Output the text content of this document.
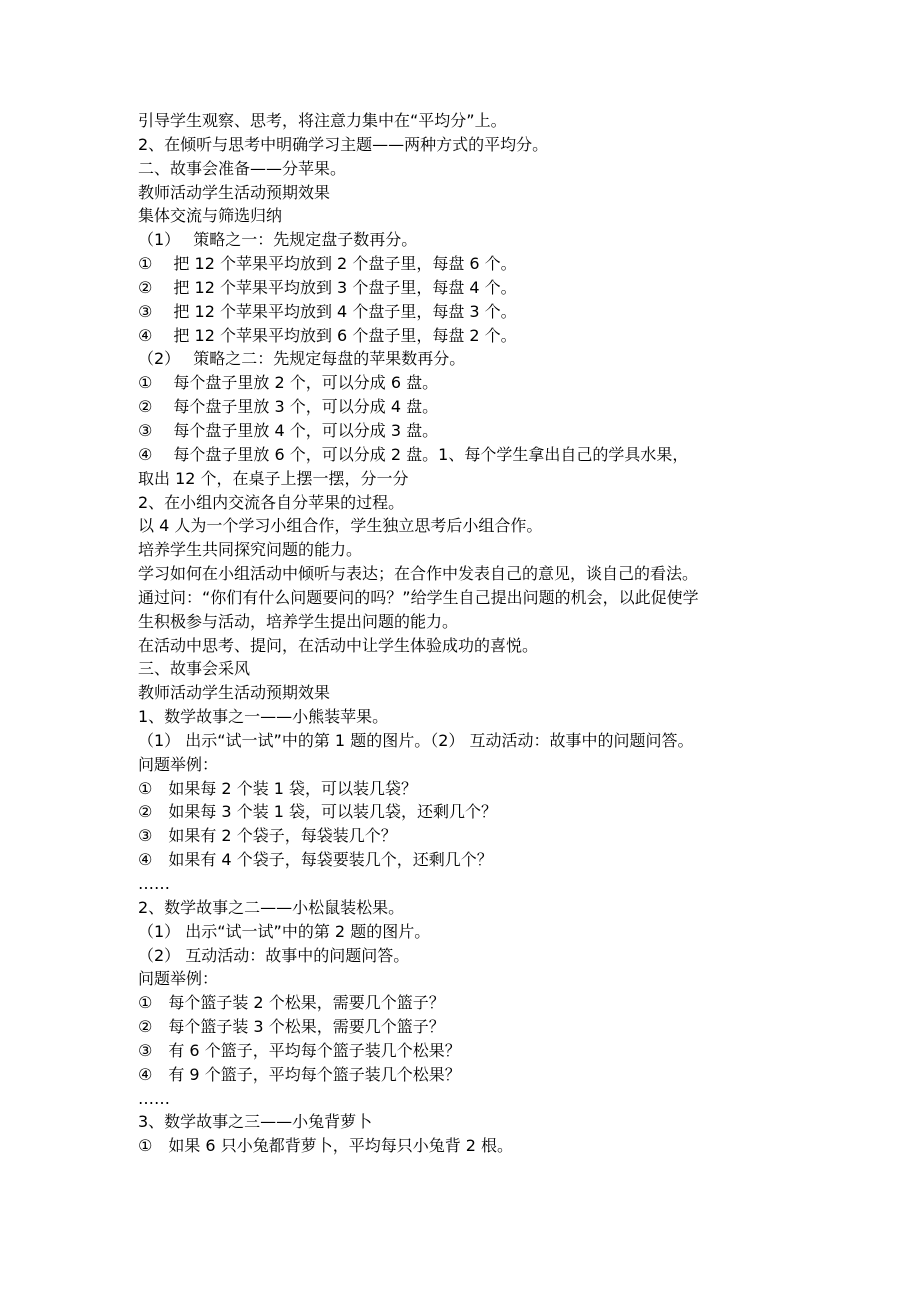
引导学生观察、思考，将注意力集中在“平均分”上。
2、在倾听与思考中明确学习主题——两种方式的平均分。
二、故事会准备——分苹果。
教师活动学生活动预期效果
集体交流与筛选归纳
（1）　 策略之一：先规定盘子数再分。
①　 把 12 个苹果平均放到 2 个盘子里，每盘 6 个。
②　 把 12 个苹果平均放到 3 个盘子里，每盘 4 个。
③　 把 12 个苹果平均放到 4 个盘子里，每盘 3 个。
④　 把 12 个苹果平均放到 6 个盘子里，每盘 2 个。
（2）　 策略之二：先规定每盘的苹果数再分。
①　 每个盘子里放 2 个，可以分成 6 盘。
②　 每个盘子里放 3 个，可以分成 4 盘。
③　 每个盘子里放 4 个，可以分成 3 盘。
④　 每个盘子里放 6 个，可以分成 2 盘。1、每个学生拿出自己的学具水果，
取出 12 个，在桌子上摆一摆，分一分
2、在小组内交流各自分苹果的过程。
以 4 人为一个学习小组合作，学生独立思考后小组合作。
培养学生共同探究问题的能力。
学习如何在小组活动中倾听与表达；在合作中发表自己的意见，谈自己的看法。
通过问：“你们有什么问题要问的吗？”给学生自己提出问题的机会，以此促使学
生积极参与活动，培养学生提出问题的能力。
在活动中思考、提问，在活动中让学生体验成功的喜悦。
三、故事会采风
教师活动学生活动预期效果
1、数学故事之一——小熊装苹果。
（1） 出示“试一试”中的第 1 题的图片。（2） 互动活动：故事中的问题问答。
问题举例：
①　如果每 2 个装 1 袋，可以装几袋？
②　如果每 3 个装 1 袋，可以装几袋，还剩几个？
③　如果有 2 个袋子，每袋装几个？
④　如果有 4 个袋子，每袋要装几个，还剩几个？
……
2、数学故事之二——小松鼠装松果。
（1） 出示“试一试”中的第 2 题的图片。
（2） 互动活动：故事中的问题问答。
问题举例：
①　每个篮子装 2 个松果，需要几个篮子？
②　每个篮子装 3 个松果，需要几个篮子？
③　有 6 个篮子，平均每个篮子装几个松果？
④　有 9 个篮子，平均每个篮子装几个松果？
……
3、数学故事之三——小兔背萝卜
①　如果 6 只小兔都背萝卜，平均每只小兔背 2 根。
